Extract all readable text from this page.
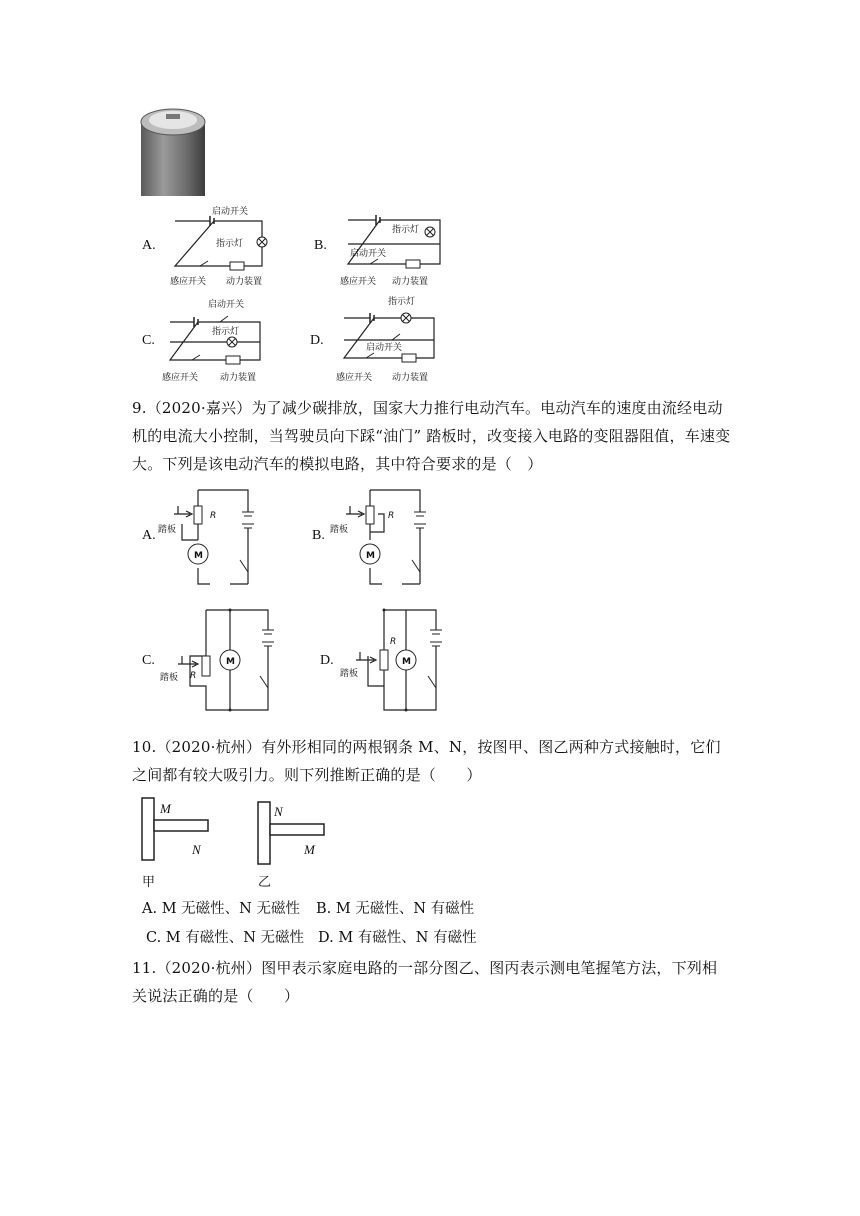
A.
启动开关
指示灯
感应开关 动力装置
B.
指示灯
启动开关
感应开关 动力装置
C.
启动开关
指示灯
感应开关 动力装置
D.
指示灯
启动开关
感应开关 动力装置
9.（2020·嘉兴）为了减少碳排放，国家大力推行电动汽车。电动汽车的速度由流经电动机的电流大小控制，当驾驶员向下踩“油门” 踏板时，改变接入电路的变阻器阻值，车速变大。下列是该电动汽车的模拟电路，其中符合要求的是（　）
A.
R
踏板
M
B.
R
踏板
M
C.
R
踏板
M	D.
R
踏板
M
10.（2020·杭州）有外形相同的两根钢条 M、N，按图甲、图乙两种方式接触时，它们之间都有较大吸引力。则下列推断正确的是（　　）
M
N
甲
N
M
乙
A. M 无磁性、N 无磁性 B. M 无磁性、N 有磁性
C. M 有磁性、N 无磁性 D. M 有磁性、N 有磁性
11.（2020·杭州）图甲表示家庭电路的一部分图乙、图丙表示测电笔握笔方法，下列相关说法正确的是（　　）
